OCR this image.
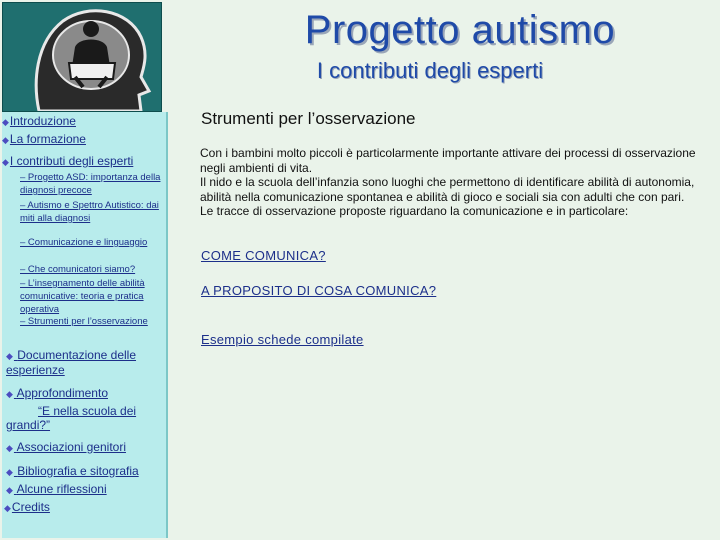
Progetto autismo
I contributi degli esperti
◆Introduzione
◆La formazione
◆I contributi degli esperti
– Progetto ASD: importanza della diagnosi precoce
– Autismo e Spettro Autistico: dai miti alla diagnosi
– Comunicazione e linguaggio
– Che comunicatori siamo?
– L’insegnamento delle abilità comunicative: teoria e pratica operativa
– Strumenti per l’osservazione
◆ Documentazione delle esperienze
◆ Approfondimento
“E nella scuola dei grandi?”
◆ Associazioni genitori
◆ Bibliografia e sitografia
◆ Alcune riflessioni
◆Credits
Strumenti per l’osservazione

Con i bambini molto piccoli è particolarmente importante attivare dei processi di osservazione negli ambienti di vita.

Il nido e la scuola dell’infanzia sono luoghi che permettono di identificare abilità di autonomia, abilità nella comunicazione spontanea e abilità di gioco e sociali sia con adulti che con pari.

Le tracce di osservazione proposte riguardano la comunicazione e in particolare:

COME COMUNICA?
A PROPOSITO DI COSA COMUNICA?
Esempio schede compilate
